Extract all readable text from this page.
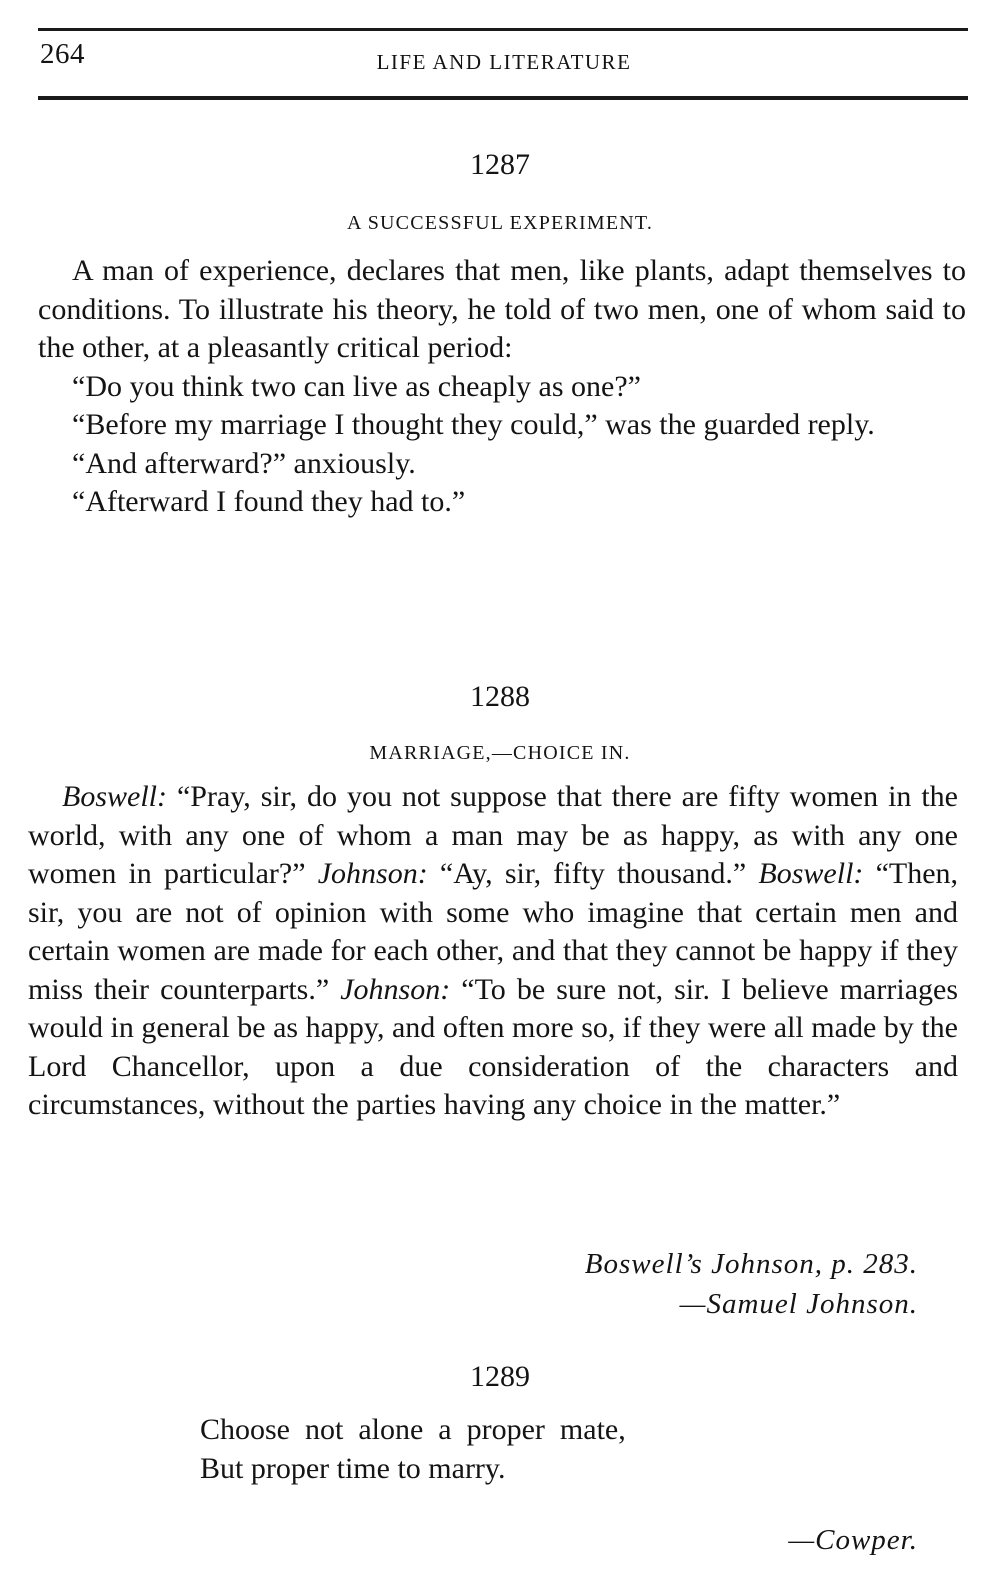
264	LIFE AND LITERATURE
1287
A SUCCESSFUL EXPERIMENT.

A man of experience, declares that men, like plants, adapt themselves to conditions. To illustrate his theory, he told of two men, one of whom said to the other, at a pleasantly critical period:

“Do you think two can live as cheaply as one?”

“Before my marriage I thought they could,” was the guarded reply.

“And afterward?” anxiously.

“Afterward I found they had to.”

1288
MARRIAGE,—CHOICE IN.

Boswell: “Pray, sir, do you not suppose that there are fifty women in the world, with any one of whom a man may be as happy, as with any one women in particular?” Johnson: “Ay, sir, fifty thousand.” Boswell: “Then, sir, you are not of opinion with some who imagine that certain men and certain women are made for each other, and that they cannot be happy if they miss their counterparts.” Johnson: “To be sure not, sir. I believe marriages would in general be as happy, and often more so, if they were all made by the Lord Chancellor, upon a due consideration of the characters and circumstances, without the parties having any choice in the matter.”

Boswell’s Johnson, p. 283.
—Samuel Johnson.
1289
Choose  not  alone  a  proper  mate,
But proper time to marry.
—Cowper.
